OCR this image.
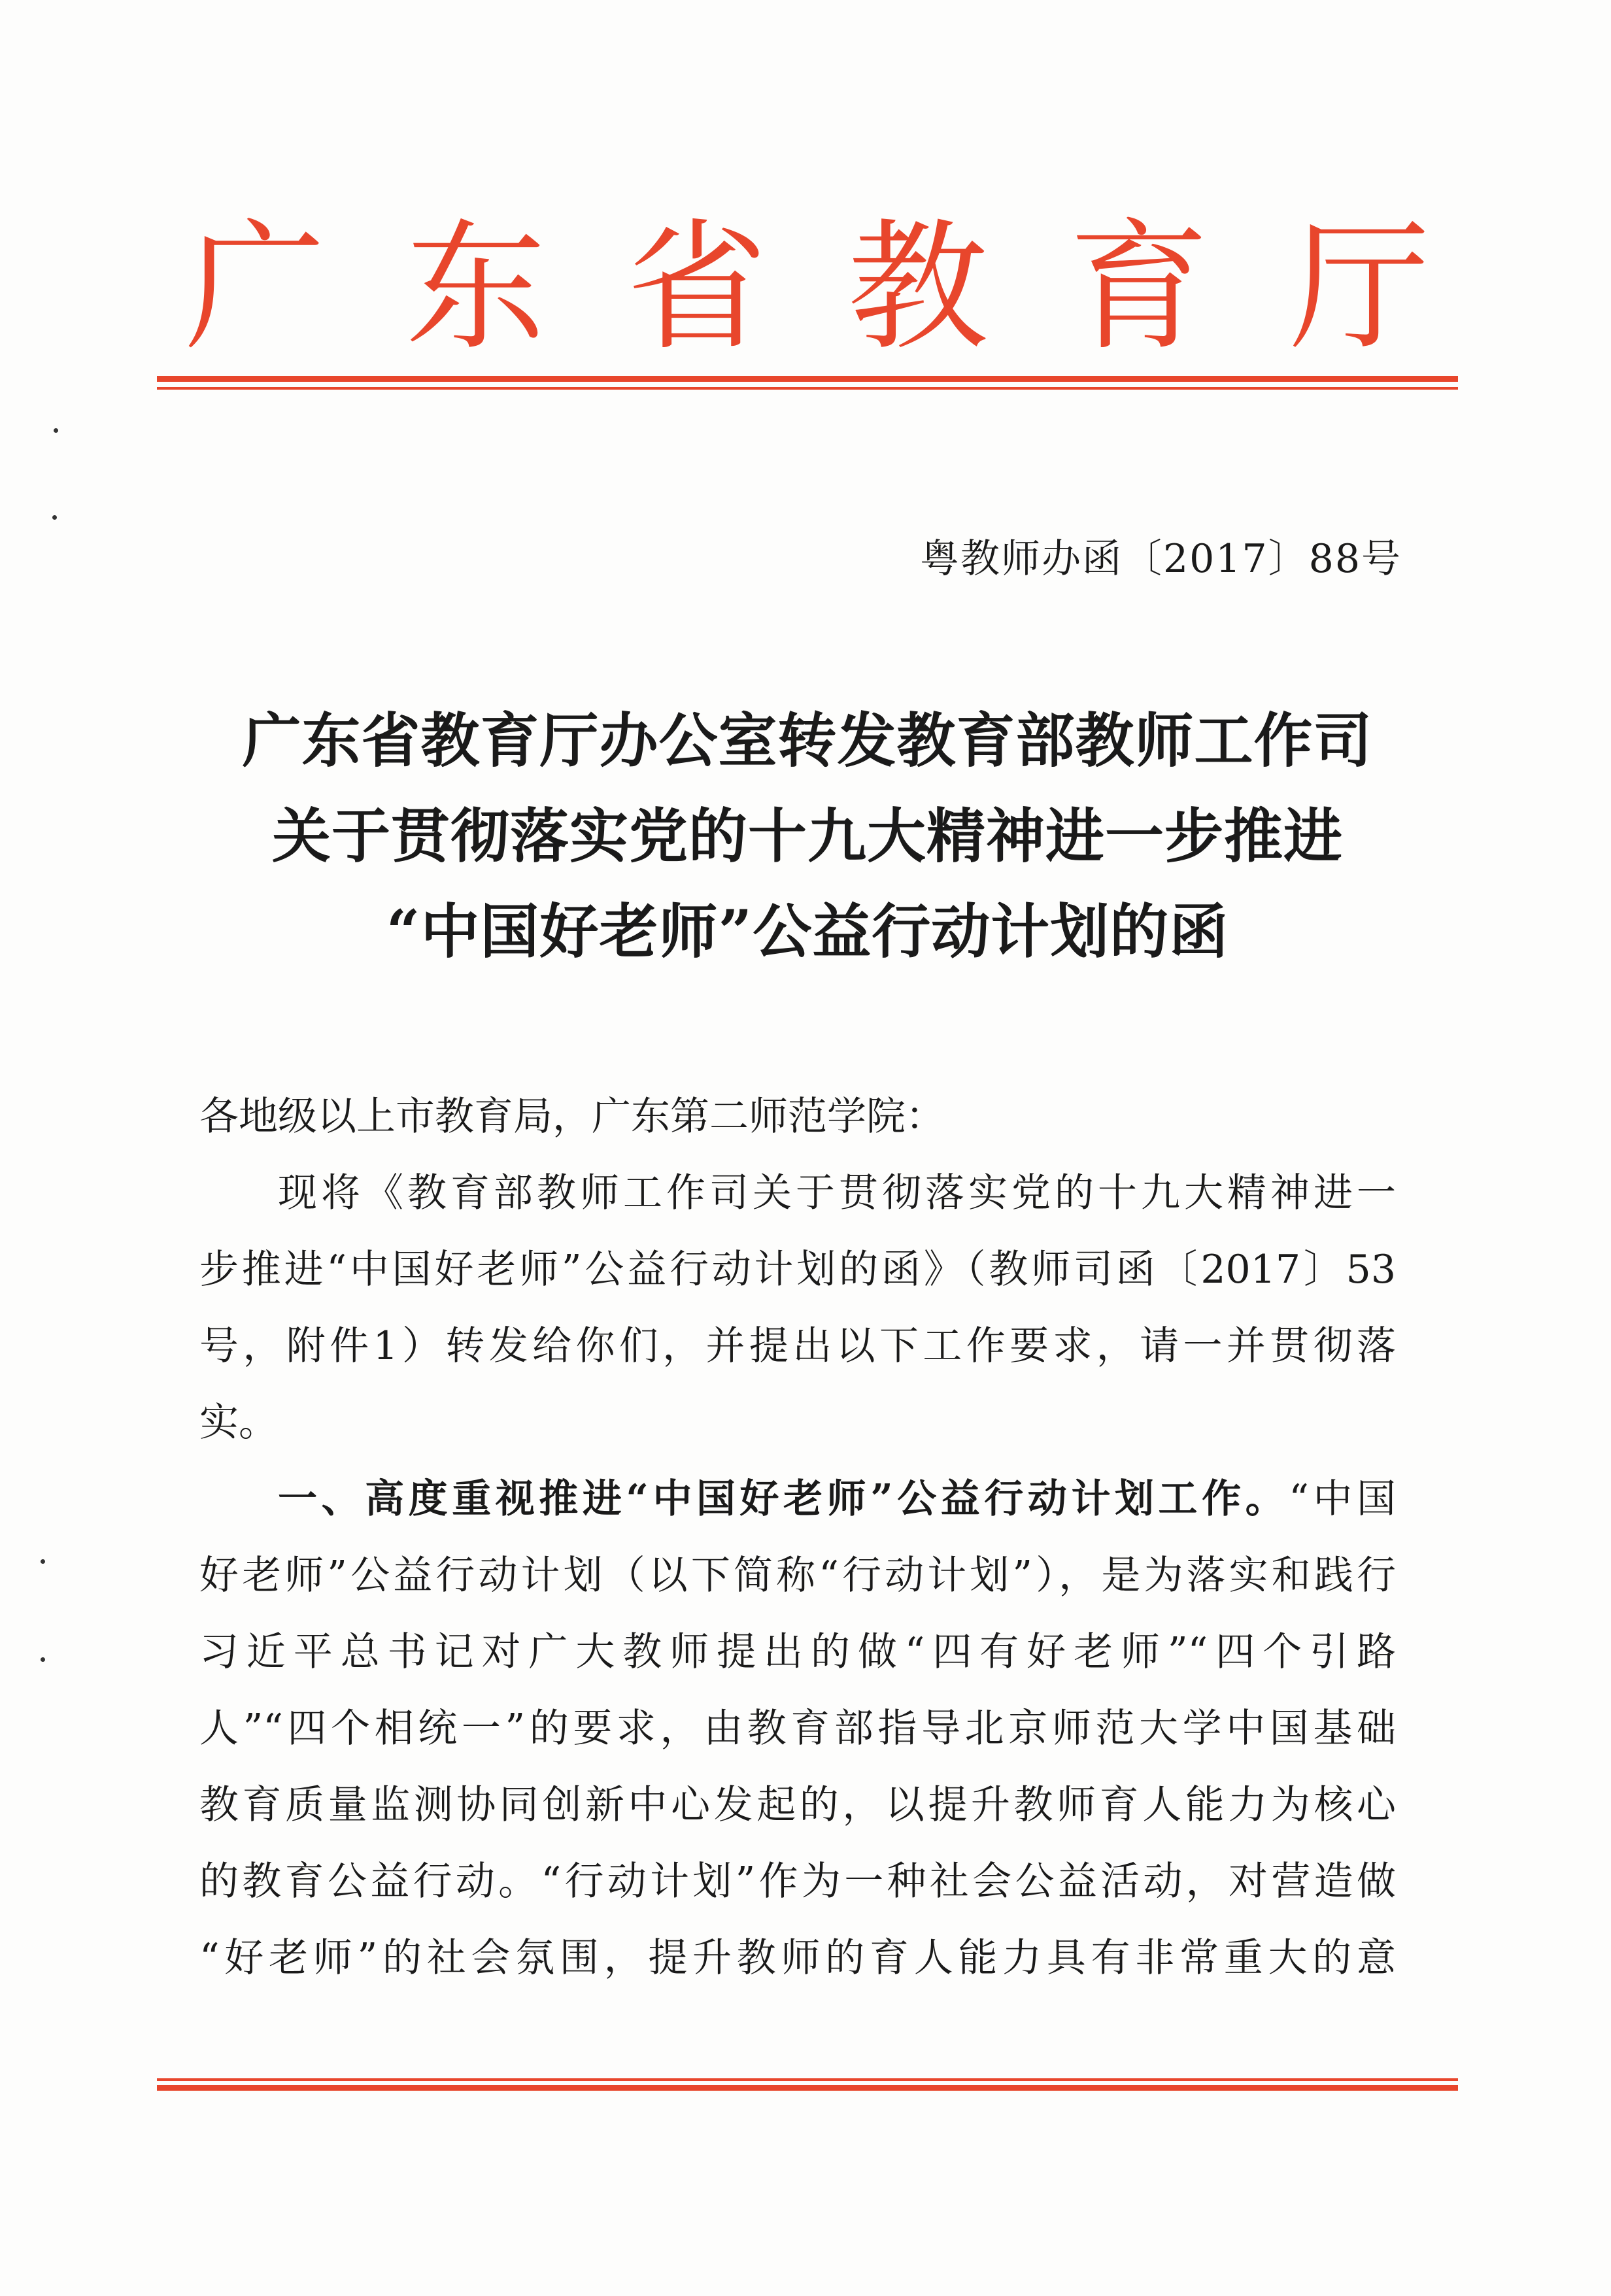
广 东 省 教 育 厅
粤教师办函〔2017〕88号
广东省教育厅办公室转发教育部教师工作司
关于贯彻落实党的十九大精神进一步推进
“中国好老师”公益行动计划的函
各地级以上市教育局，广东第二师范学院：
现将《教育部教师工作司关于贯彻落实党的十九大精神进一
步推进“中国好老师”公益行动计划的函》（教师司函〔2017〕53
号，附件1）转发给你们，并提出以下工作要求，请一并贯彻落
实。
一、高度重视推进“中国好老师”公益行动计划工作。“中国
好老师”公益行动计划（以下简称“行动计划”），是为落实和践行
习近平总书记对广大教师提出的做“四有好老师”“四个引路
人”“四个相统一”的要求，由教育部指导北京师范大学中国基础
教育质量监测协同创新中心发起的，以提升教师育人能力为核心
的教育公益行动。“行动计划”作为一种社会公益活动，对营造做
“好老师”的社会氛围，提升教师的育人能力具有非常重大的意
